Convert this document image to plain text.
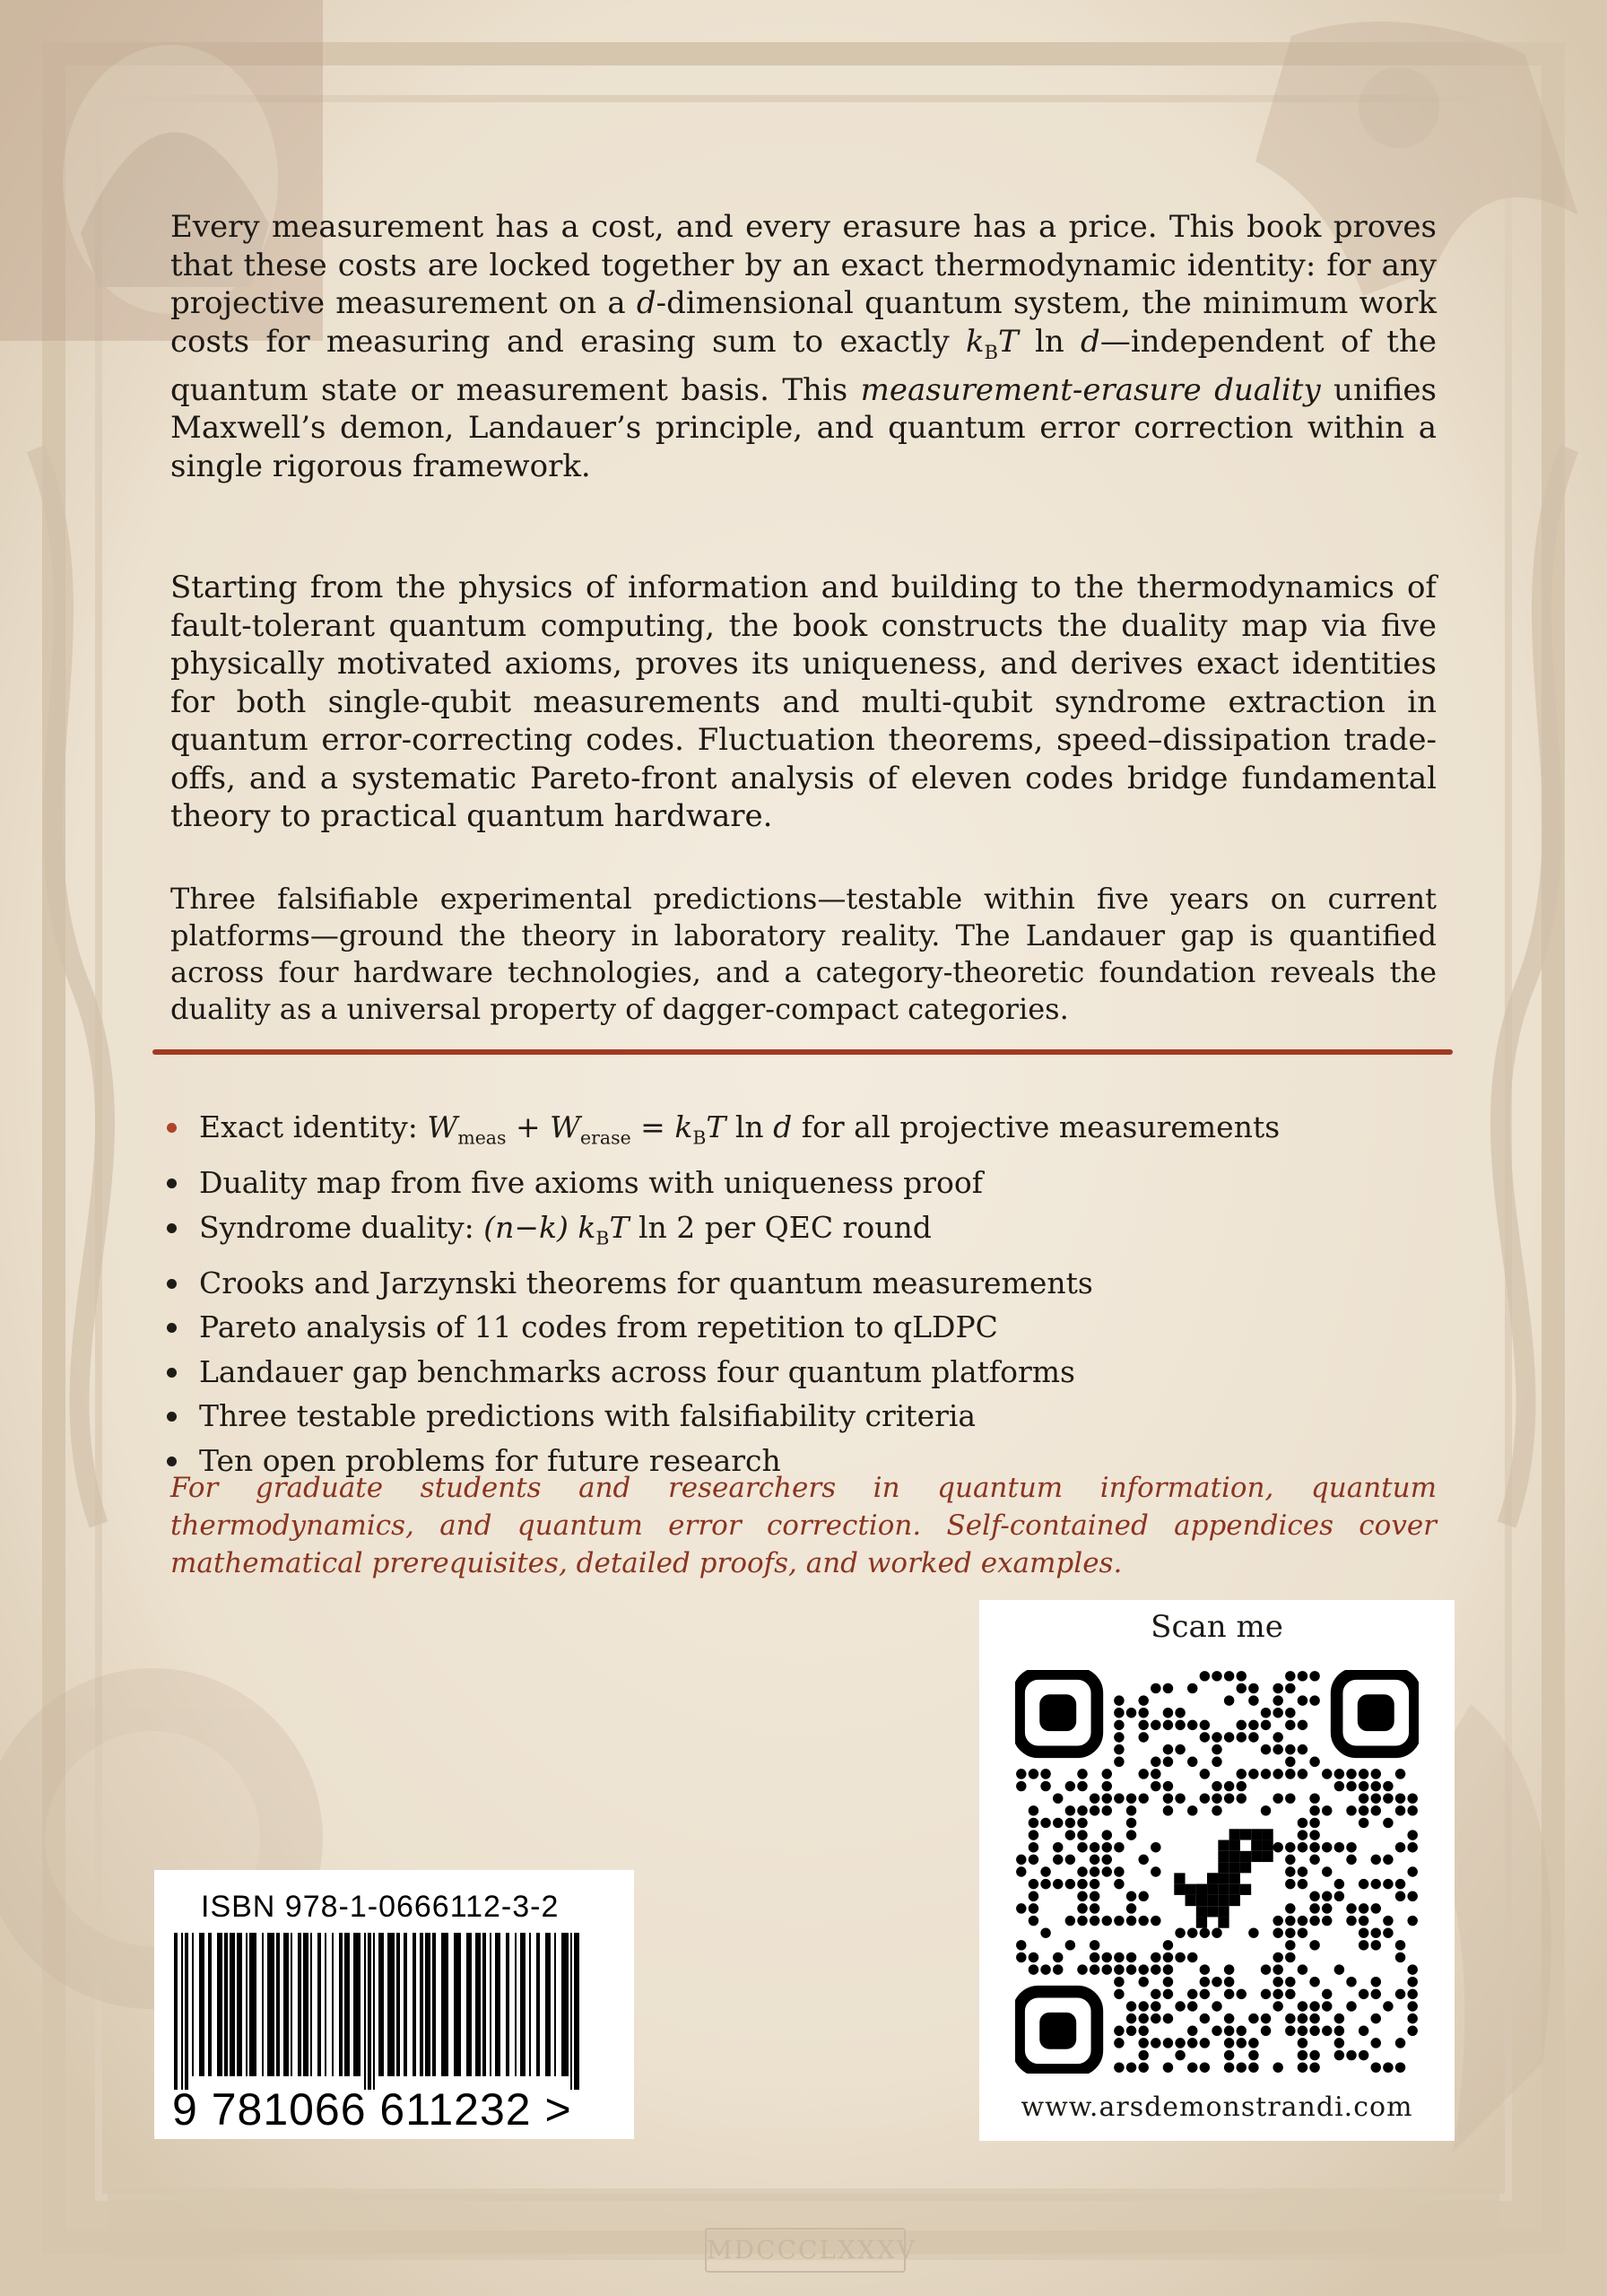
Every measurement has a cost, and every erasure has a price. This book proves that these costs are locked together by an exact thermodynamic identity: for any projective measurement on a d-dimensional quantum system, the minimum work costs for measuring and erasing sum to exactly $k_BT$ ln d—independent of the quantum state or measurement basis. This measurement-erasure duality unifies Maxwell’s demon, Landauer’s principle, and quantum error correction within a single rigorous framework.

Starting from the physics of information and building to the thermodynamics of fault-tolerant quantum computing, the book constructs the duality map via five physically motivated axioms, proves its uniqueness, and derives exact identities for both single-qubit measurements and multi-qubit syndrome extraction in quantum error-correcting codes. Fluctuation theorems, speed–dissipation trade-offs, and a systematic Pareto-front analysis of eleven codes bridge fundamental theory to practical quantum hardware.

Three falsifiable experimental predictions—testable within five years on current platforms—ground the theory in laboratory reality. The Landauer gap is quantified across four hardware technologies, and a category-theoretic foundation reveals the duality as a universal property of dagger-compact categories.

Exact identity: $W_{meas} + W_{erase} = k_BT$ ln d for all projective measurements
Duality map from five axioms with uniqueness proof
Syndrome duality: (n−k) $k_BT$ ln 2 per QEC round
Crooks and Jarzynski theorems for quantum measurements
Pareto analysis of 11 codes from repetition to qLDPC
Landauer gap benchmarks across four quantum platforms
Three testable predictions with falsifiability criteria
Ten open problems for future research

For graduate students and researchers in quantum information, quantum thermodynamics, and quantum error correction. Self-contained appendices cover mathematical prerequisites, detailed proofs, and worked examples.

ISBN 978-1-0666112-3-2
9 781066 611232 >
Scan me
www.arsdemonstrandi.com
MDCCCLXXXV
